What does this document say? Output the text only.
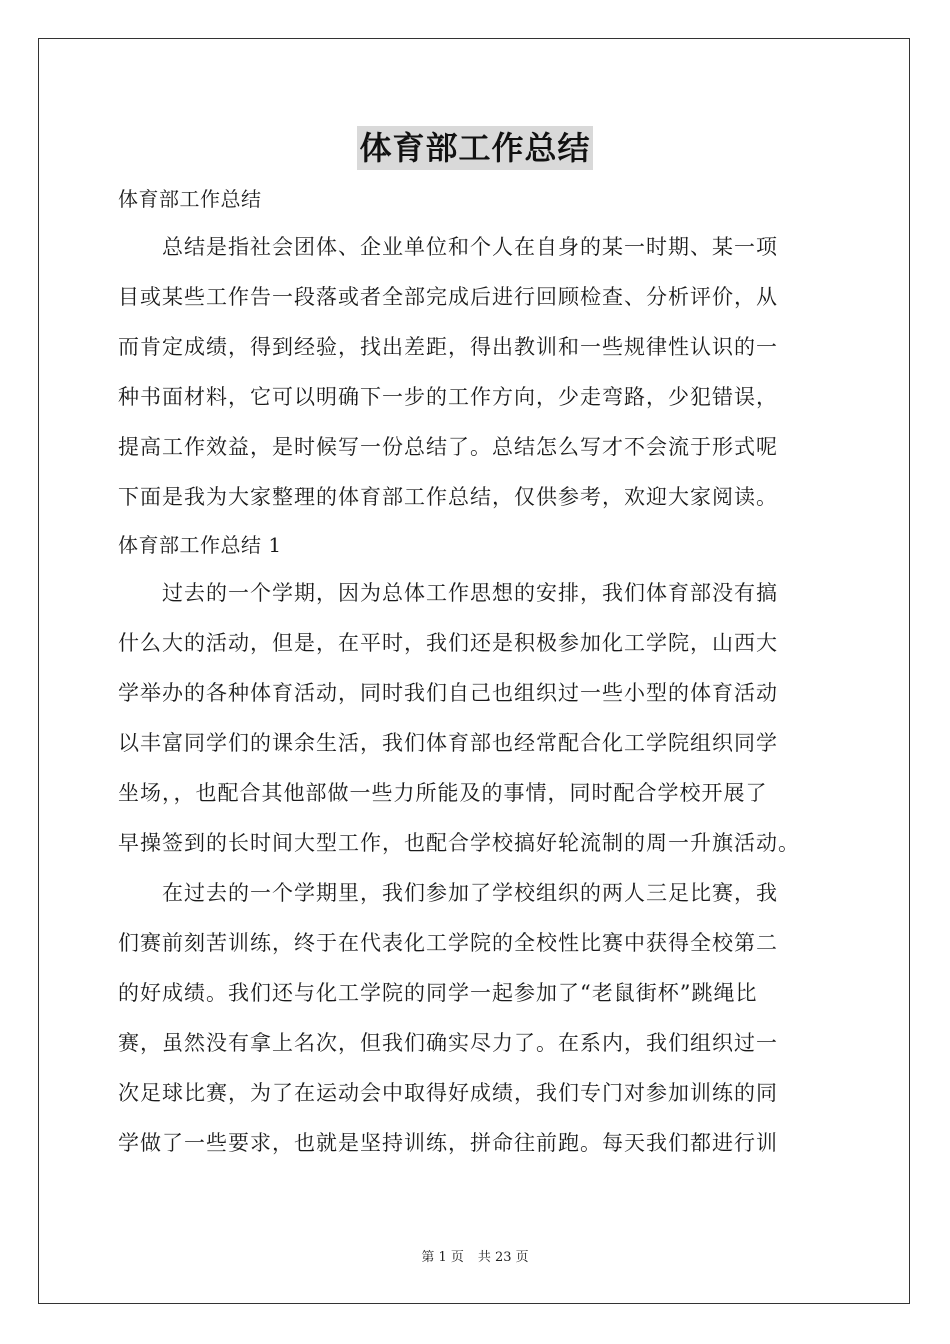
体育部工作总结

体育部工作总结

　　总结是指社会团体、企业单位和个人在自身的某一时期、某一项

目或某些工作告一段落或者全部完成后进行回顾检查、分析评价，从

而肯定成绩，得到经验，找出差距，得出教训和一些规律性认识的一

种书面材料，它可以明确下一步的工作方向，少走弯路，少犯错误，

提高工作效益，是时候写一份总结了。总结怎么写才不会流于形式呢

下面是我为大家整理的体育部工作总结，仅供参考，欢迎大家阅读。

体育部工作总结 1

　　过去的一个学期，因为总体工作思想的安排，我们体育部没有搞

什么大的活动，但是，在平时，我们还是积极参加化工学院，山西大

学举办的各种体育活动，同时我们自己也组织过一些小型的体育活动

以丰富同学们的课余生活，我们体育部也经常配合化工学院组织同学

坐场，，也配合其他部做一些力所能及的事情，同时配合学校开展了

早操签到的长时间大型工作，也配合学校搞好轮流制的周一升旗活动。

　　在过去的一个学期里，我们参加了学校组织的两人三足比赛，我

们赛前刻苦训练，终于在代表化工学院的全校性比赛中获得全校第二

的好成绩。我们还与化工学院的同学一起参加了“老鼠街杯”跳绳比

赛，虽然没有拿上名次，但我们确实尽力了。在系内，我们组织过一

次足球比赛，为了在运动会中取得好成绩，我们专门对参加训练的同

学做了一些要求，也就是坚持训练，拼命往前跑。每天我们都进行训

第 1 页 共 23 页
